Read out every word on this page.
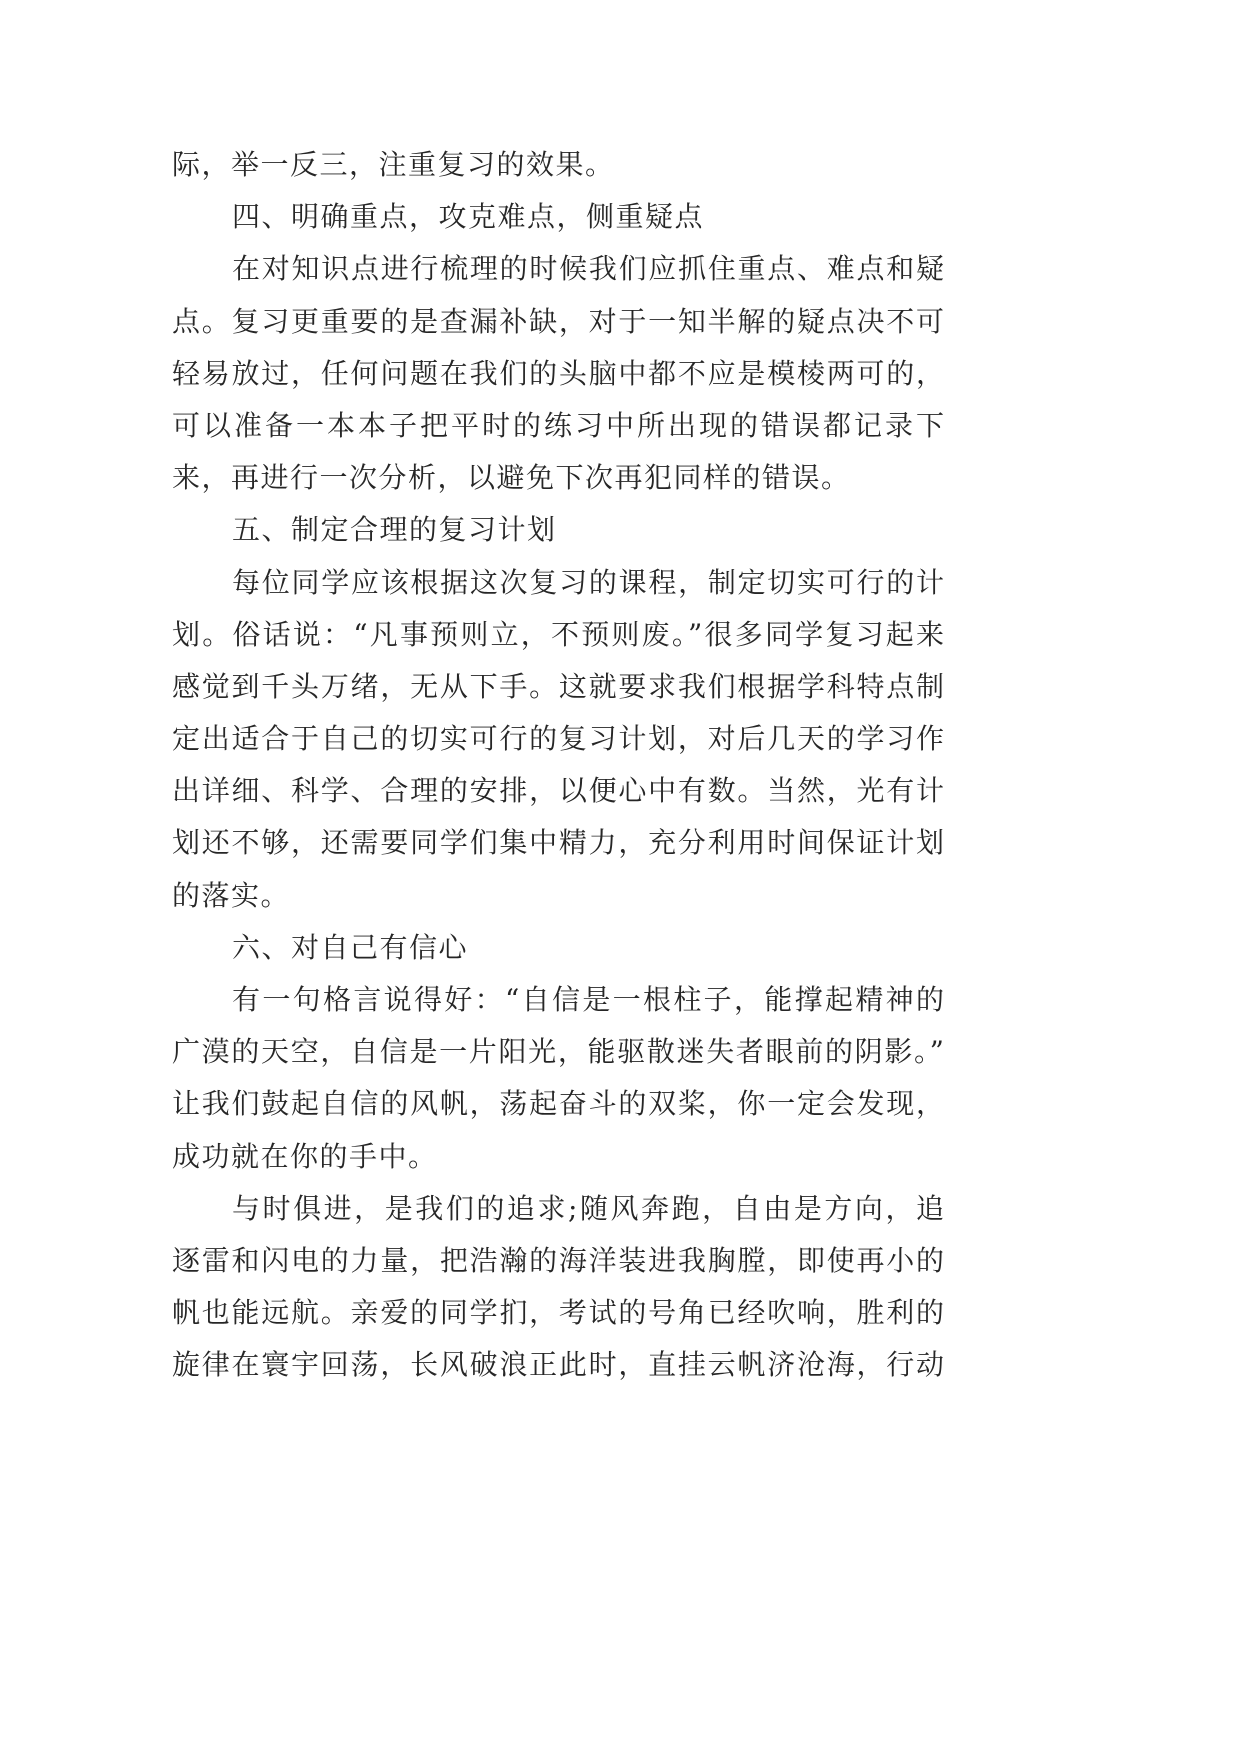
际，举一反三，注重复习的效果。
四、明确重点，攻克难点，侧重疑点
在对知识点进行梳理的时候我们应抓住重点、难点和疑
点。复习更重要的是查漏补缺，对于一知半解的疑点决不可
轻易放过，任何问题在我们的头脑中都不应是模棱两可的，
可以准备一本本子把平时的练习中所出现的错误都记录下
来，再进行一次分析，以避免下次再犯同样的错误。
五、制定合理的复习计划
每位同学应该根据这次复习的课程，制定切实可行的计
划。俗话说：“凡事预则立，不预则废。”很多同学复习起来
感觉到千头万绪，无从下手。这就要求我们根据学科特点制
定出适合于自己的切实可行的复习计划，对后几天的学习作
出详细、科学、合理的安排，以便心中有数。当然，光有计
划还不够，还需要同学们集中精力，充分利用时间保证计划
的落实。
六、对自己有信心
有一句格言说得好：“自信是一根柱子，能撑起精神的
广漠的天空，自信是一片阳光，能驱散迷失者眼前的阴影。”
让我们鼓起自信的风帆，荡起奋斗的双桨，你一定会发现，
成功就在你的手中。
与时俱进，是我们的追求;随风奔跑，自由是方向，追
逐雷和闪电的力量，把浩瀚的海洋装进我胸膛，即使再小的
帆也能远航。亲爱的同学扪，考试的号角已经吹响，胜利的
旋律在寰宇回荡，长风破浪正此时，直挂云帆济沧海，行动
